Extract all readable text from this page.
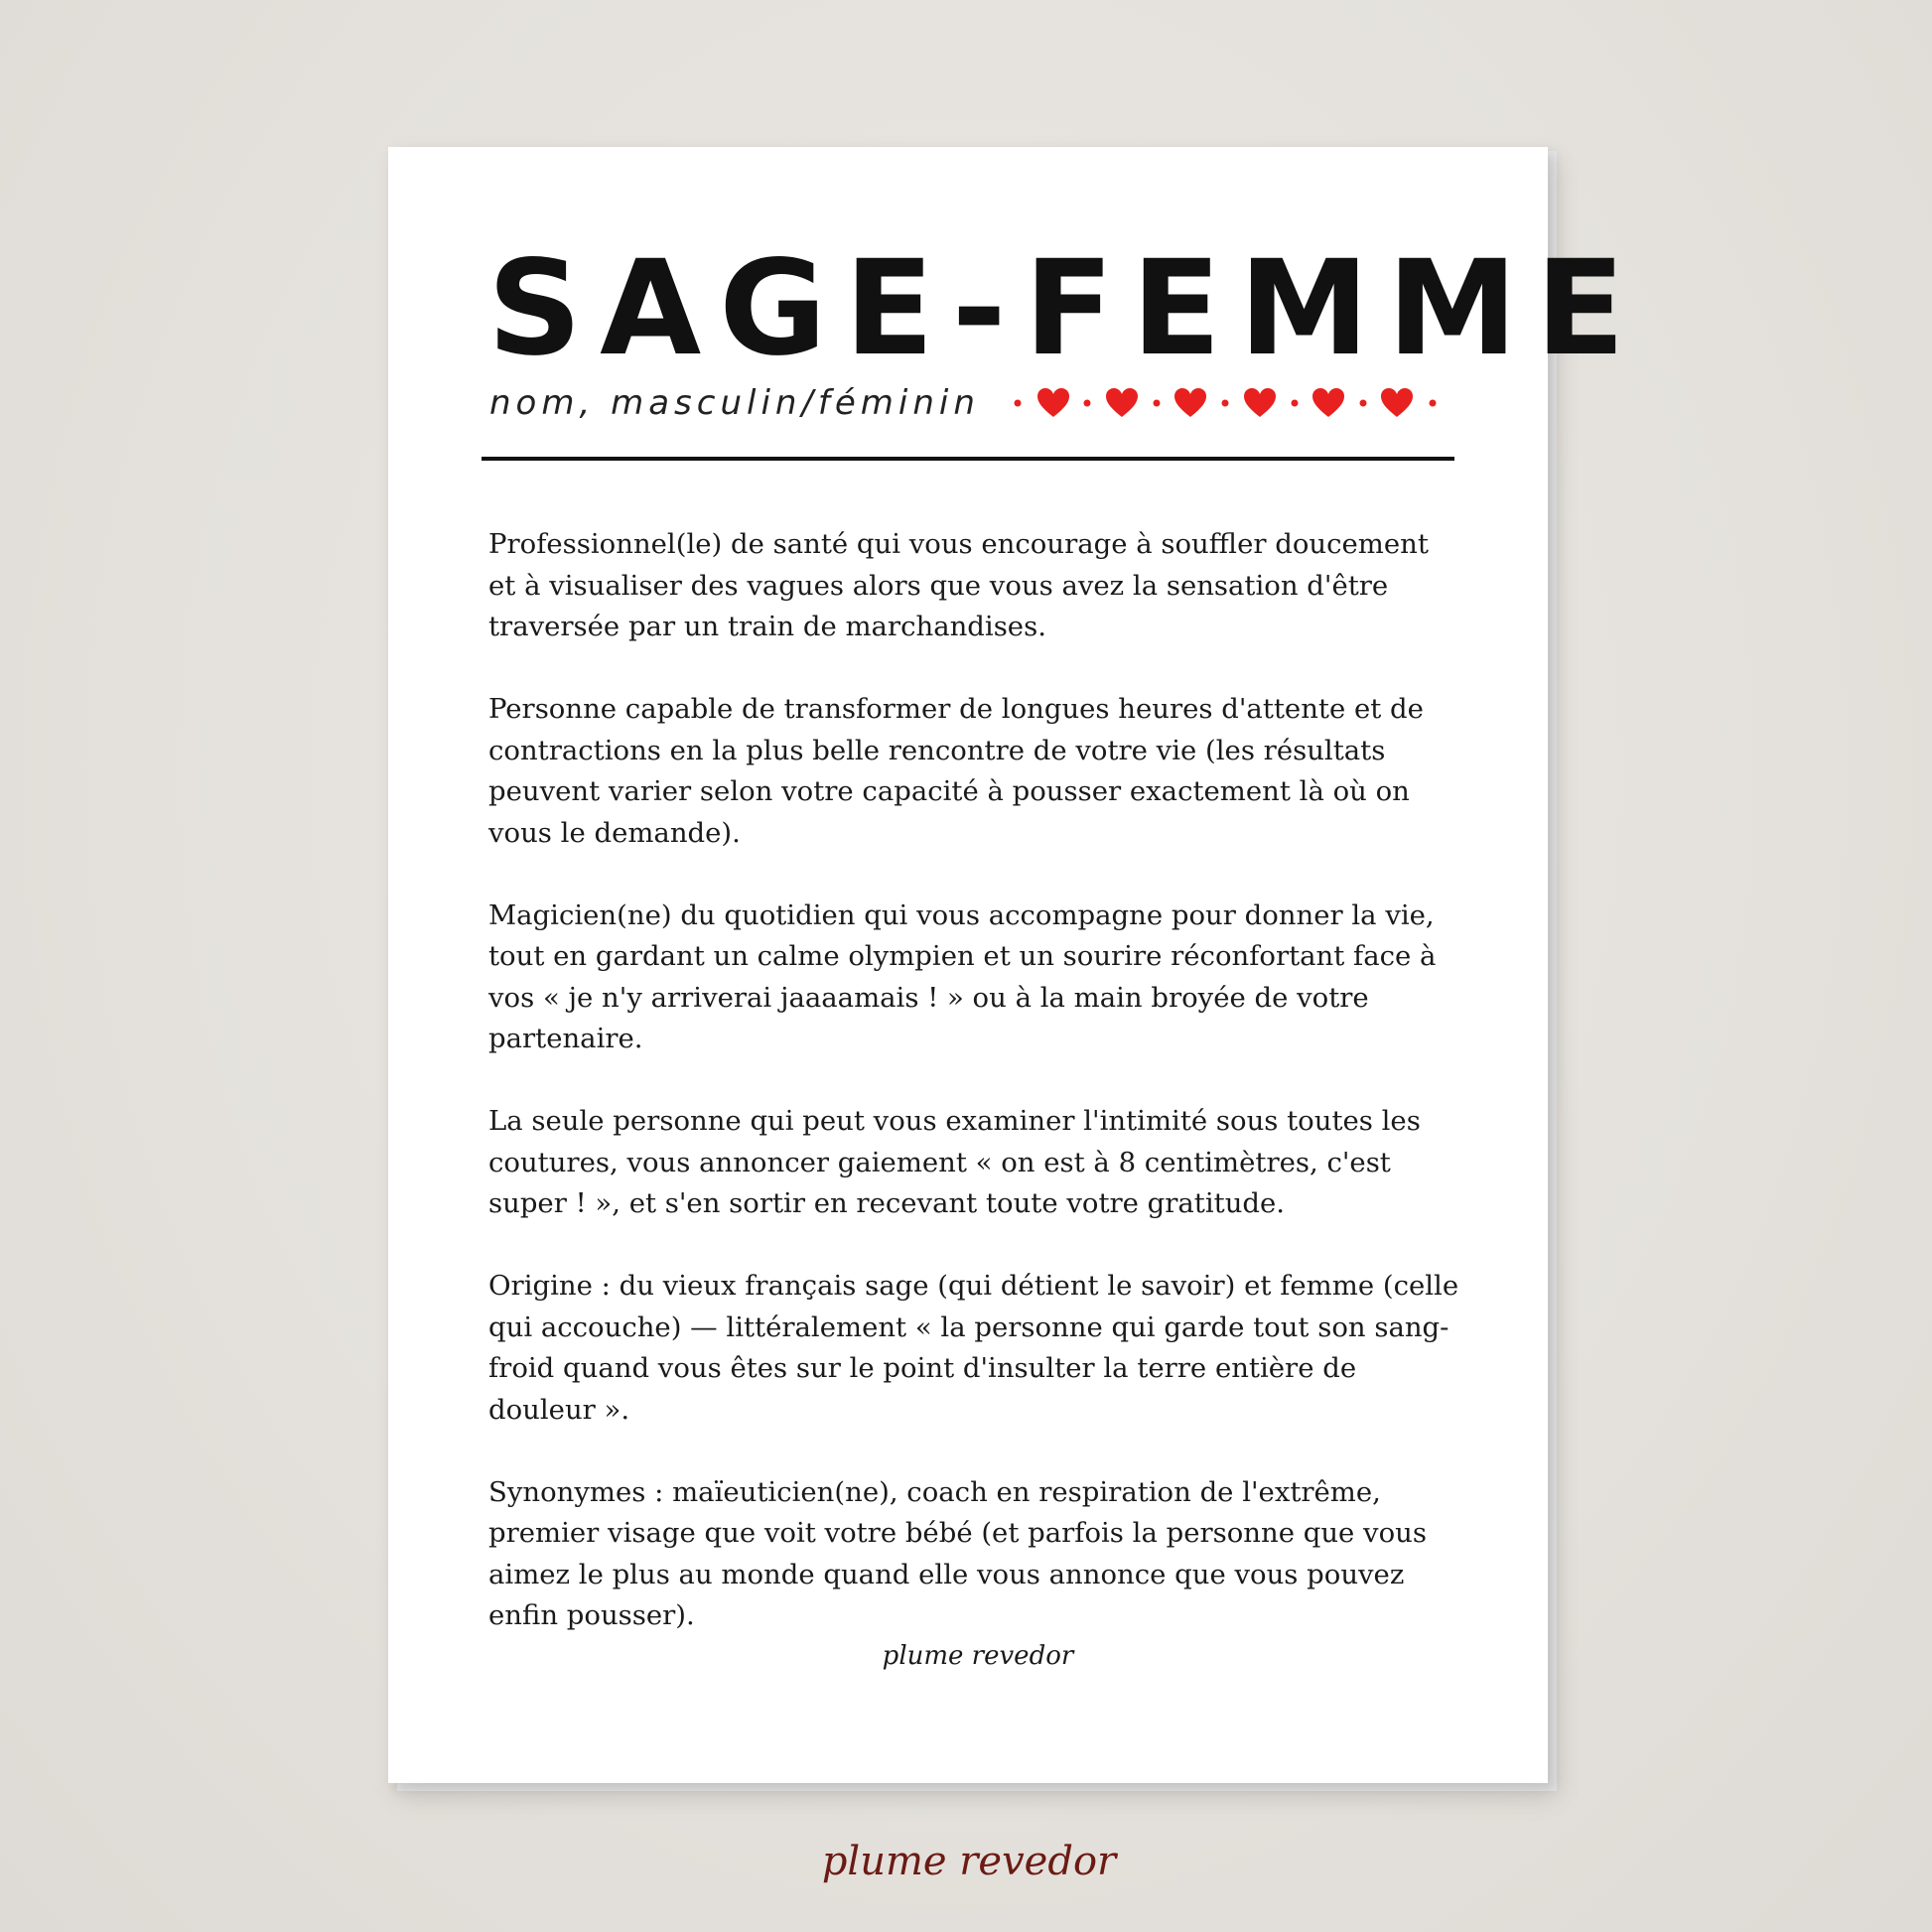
SAGE-FEMME
nom, masculin/féminin

Professionnel(le) de santé qui vous encourage à souffler doucement et à visualiser des vagues alors que vous avez la sensation d'être traversée par un train de marchandises.

Personne capable de transformer de longues heures d'attente et de contractions en la plus belle rencontre de votre vie (les résultats peuvent varier selon votre capacité à pousser exactement là où on vous le demande).

Magicien(ne) du quotidien qui vous accompagne pour donner la vie, tout en gardant un calme olympien et un sourire réconfortant face à vos « je n'y arriverai jaaaamais ! » ou à la main broyée de votre partenaire.

La seule personne qui peut vous examiner l'intimité sous toutes les coutures, vous annoncer gaiement « on est à 8 centimètres, c'est super ! », et s'en sortir en recevant toute votre gratitude.

Origine : du vieux français sage (qui détient le savoir) et femme (celle qui accouche) — littéralement « la personne qui garde tout son sang-froid quand vous êtes sur le point d'insulter la terre entière de douleur ».

Synonymes : maïeuticien(ne), coach en respiration de l'extrême, premier visage que voit votre bébé (et parfois la personne que vous aimez le plus au monde quand elle vous annonce que vous pouvez enfin pousser).

plume revedor
plume revedor
